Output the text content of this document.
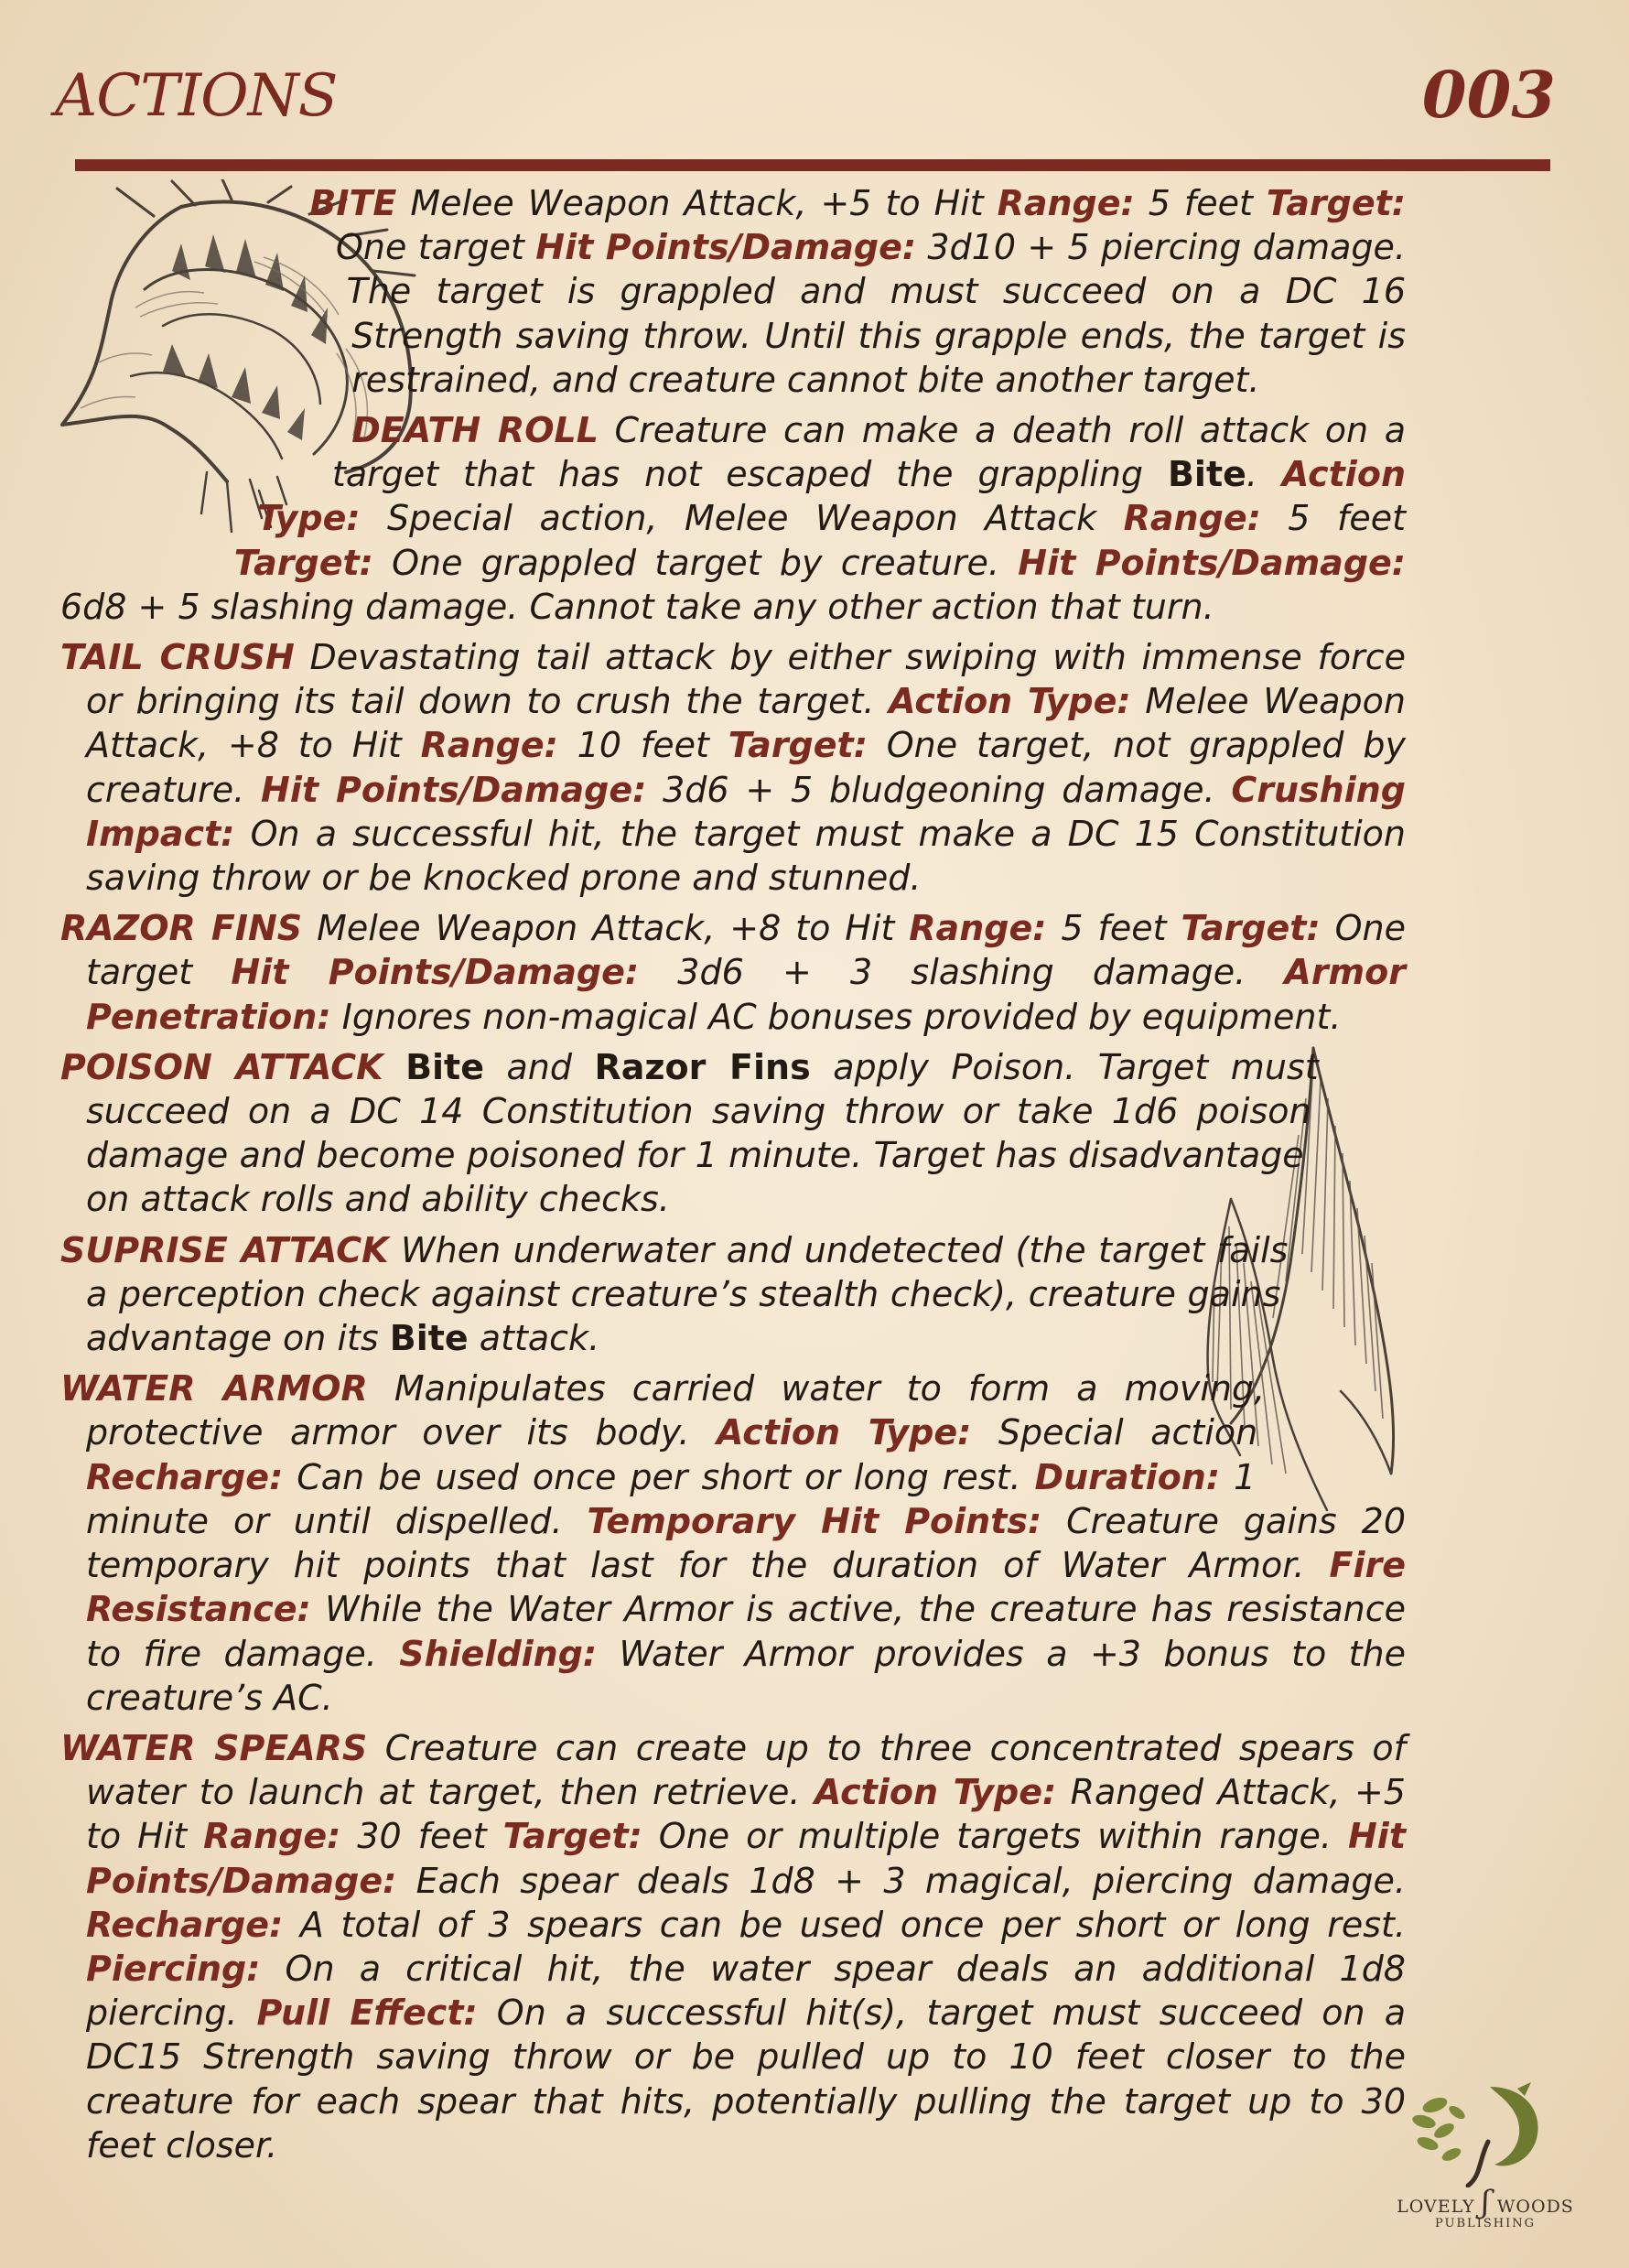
ACTIONS	003

BITE Melee Weapon Attack, +5 to Hit Range: 5 feet Target: One target Hit Points/Damage: 3d10 + 5 piercing damage. The target is grappled and must succeed on a DC 16 Strength saving throw. Until this grapple ends, the target is restrained, and creature cannot bite another target.

DEATH ROLL Creature can make a death roll attack on a target that has not escaped the grappling Bite. Action Type: Special action, Melee Weapon Attack Range: 5 feet Target: One grappled target by creature. Hit Points/Damage: 6d8 + 5 slashing damage. Cannot take any other action that turn.

TAIL CRUSH Devastating tail attack by either swiping with immense force or bringing its tail down to crush the target. Action Type: Melee Weapon Attack, +8 to Hit Range: 10 feet Target: One target, not grappled by creature. Hit Points/Damage: 3d6 + 5 bludgeoning damage. Crushing Impact: On a successful hit, the target must make a DC 15 Constitution saving throw or be knocked prone and stunned.

RAZOR FINS Melee Weapon Attack, +8 to Hit Range: 5 feet Target: One target Hit Points/Damage: 3d6 + 3 slashing damage. Armor Penetration: Ignores non-magical AC bonuses provided by equipment.

POISON ATTACK Bite and Razor Fins apply Poison. Target must succeed on a DC 14 Constitution saving throw or take 1d6 poison damage and become poisoned for 1 minute. Target has disadvantage on attack rolls and ability checks.

SUPRISE ATTACK When underwater and undetected (the target fails a perception check against creature’s stealth check), creature gains advantage on its Bite attack.

WATER ARMOR Manipulates carried water to form a moving, protective armor over its body. Action Type: Special action Recharge: Can be used once per short or long rest. Duration: 1 minute or until dispelled. Temporary Hit Points: Creature gains 20 temporary hit points that last for the duration of Water Armor. Fire Resistance: While the Water Armor is active, the creature has resistance to fire damage. Shielding: Water Armor provides a +3 bonus to the creature’s AC.

WATER SPEARS Creature can create up to three concentrated spears of water to launch at target, then retrieve. Action Type: Ranged Attack, +5 to Hit Range: 30 feet Target: One or multiple targets within range. Hit Points/Damage: Each spear deals 1d8 + 3 magical, piercing damage. Recharge: A total of 3 spears can be used once per short or long rest. Piercing: On a critical hit, the water spear deals an additional 1d8 piercing. Pull Effect: On a successful hit(s), target must succeed on a DC15 Strength saving throw or be pulled up to 10 feet closer to the creature for each spear that hits, potentially pulling the target up to 30 feet closer.

LOVELY ʃ WOODS
PUBLISHING
